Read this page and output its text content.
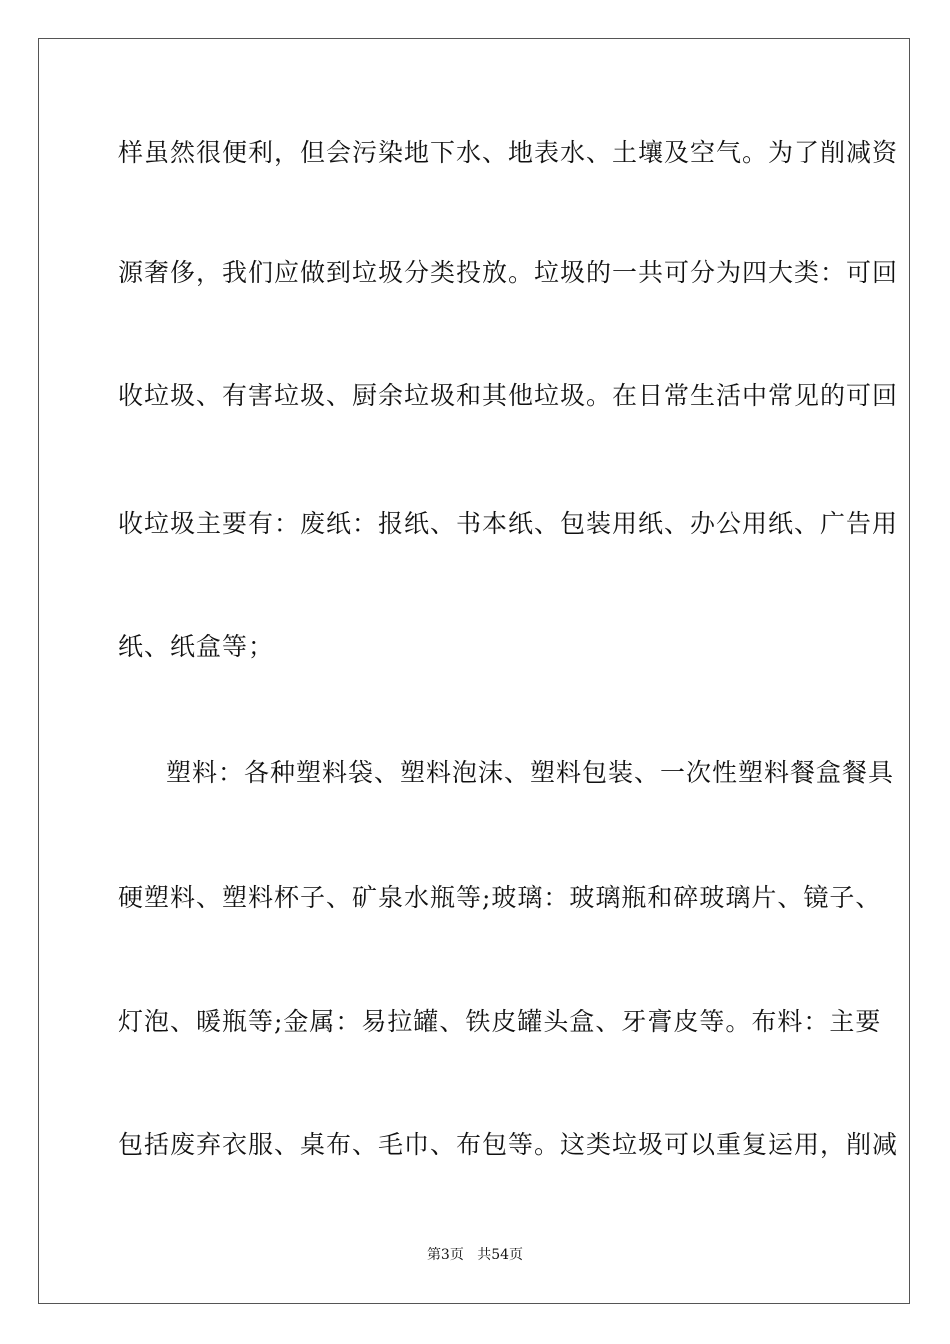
样虽然很便利，但会污染地下水、地表水、土壤及空气。为了削减资
源奢侈，我们应做到垃圾分类投放。垃圾的一共可分为四大类：可回
收垃圾、有害垃圾、厨余垃圾和其他垃圾。在日常生活中常见的可回
收垃圾主要有：废纸：报纸、书本纸、包装用纸、办公用纸、广告用
纸、纸盒等；
塑料：各种塑料袋、塑料泡沫、塑料包装、一次性塑料餐盒餐具
硬塑料、塑料杯子、矿泉水瓶等;玻璃：玻璃瓶和碎玻璃片、镜子、
灯泡、暖瓶等;金属：易拉罐、铁皮罐头盒、牙膏皮等。布料：主要
包括废弃衣服、桌布、毛巾、布包等。这类垃圾可以重复运用，削减
第3页 共54页
